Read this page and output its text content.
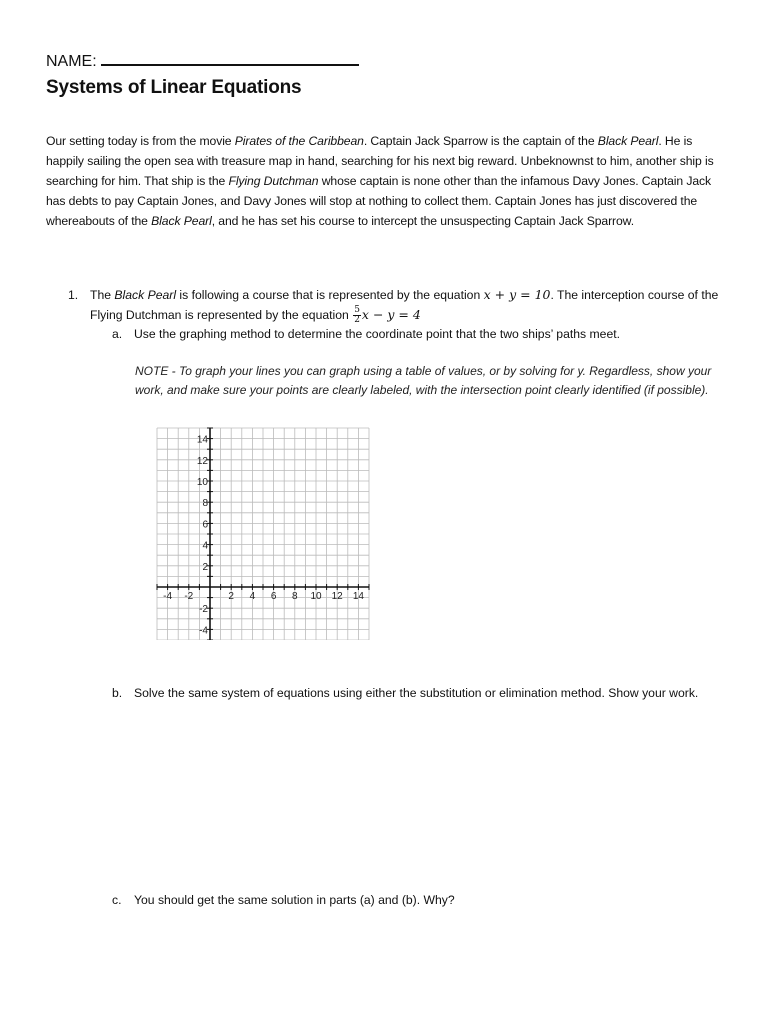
NAME:
Systems of Linear Equations

Our setting today is from the movie Pirates of the Caribbean. Captain Jack Sparrow is the captain of the Black Pearl. He is happily sailing the open sea with treasure map in hand, searching for his next big reward. Unbeknownst to him, another ship is searching for him. That ship is the Flying Dutchman whose captain is none other than the infamous Davy Jones. Captain Jack has debts to pay Captain Jones, and Davy Jones will stop at nothing to collect them. Captain Jones has just discovered the whereabouts of the Black Pearl, and he has set his course to intercept the unsuspecting Captain Jack Sparrow.

1. The Black Pearl is following a course that is represented by the equation x + y = 10. The interception course of the Flying Dutchman is represented by the equation $\frac{5}{2}$ x − y = 4
a. Use the graphing method to determine the coordinate point that the two ships’ paths meet.
NOTE - To graph your lines you can graph using a table of values, or by solving for y. Regardless, show your work, and make sure your points are clearly labeled, with the intersection point clearly identified (if possible).
-4 -2	2 4 6 8 10 12 14
14
12
10
8
6
4
2
-2
-4
b. Solve the same system of equations using either the substitution or elimination method. Show your work.
c. You should get the same solution in parts (a) and (b). Why?
